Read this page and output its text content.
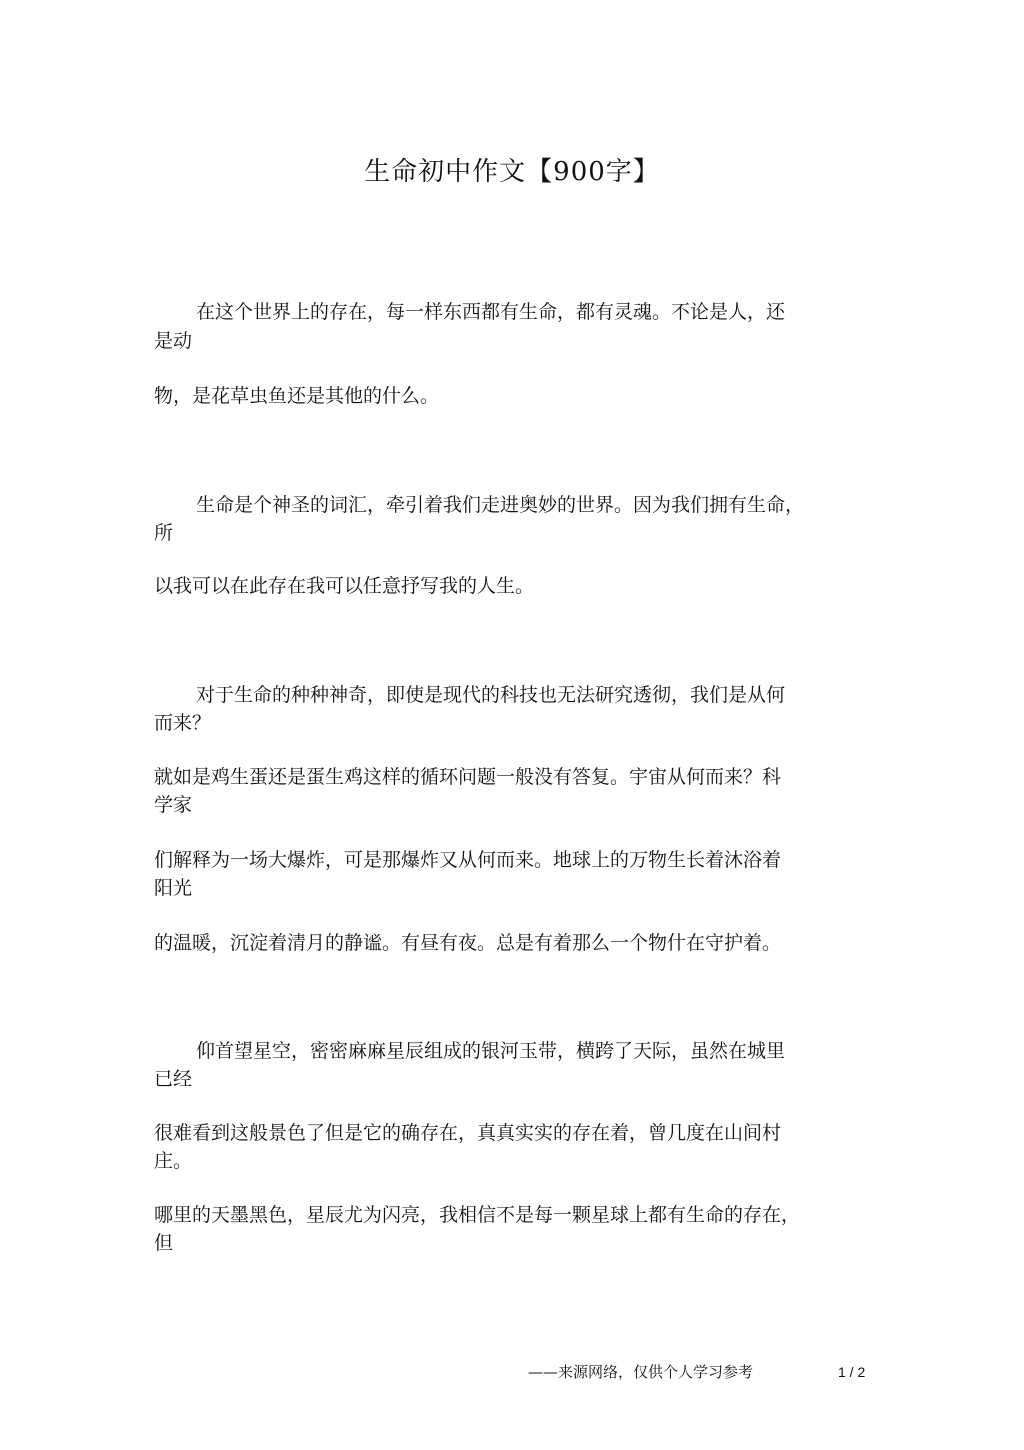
生命初中作文【900字】

在这个世界上的存在，每一样东西都有生命，都有灵魂。不论是人，还

是动

物，是花草虫鱼还是其他的什么。

生命是个神圣的词汇，牵引着我们走进奥妙的世界。因为我们拥有生命，

所

以我可以在此存在我可以任意抒写我的人生。

对于生命的种种神奇，即使是现代的科技也无法研究透彻，我们是从何

而来？

就如是鸡生蛋还是蛋生鸡这样的循环问题一般没有答复。宇宙从何而来？科

学家

们解释为一场大爆炸，可是那爆炸又从何而来。地球上的万物生长着沐浴着

阳光

的温暖，沉淀着清月的静谧。有昼有夜。总是有着那么一个物什在守护着。

仰首望星空，密密麻麻星辰组成的银河玉带，横跨了天际，虽然在城里

已经

很难看到这般景色了但是它的确存在，真真实实的存在着，曾几度在山间村

庄。

哪里的天墨黑色，星辰尤为闪亮，我相信不是每一颗星球上都有生命的存在，

但

——来源网络，仅供个人学习参考	1 / 2
